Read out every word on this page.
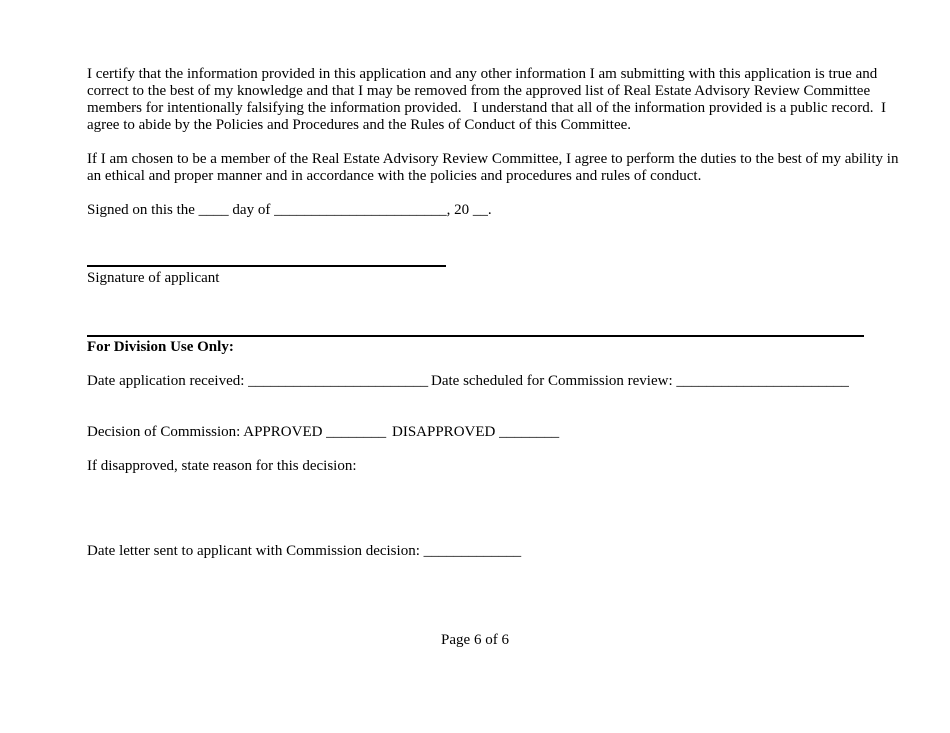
I certify that the information provided in this application and any other information I am submitting with this application is true and
correct to the best of my knowledge and that I may be removed from the approved list of Real Estate Advisory Review Committee
members for intentionally falsifying the information provided.   I understand that all of the information provided is a public record.  I
agree to abide by the Policies and Procedures and the Rules of Conduct of this Committee.
If I am chosen to be a member of the Real Estate Advisory Review Committee, I agree to perform the duties to the best of my ability in
an ethical and proper manner and in accordance with the policies and procedures and rules of conduct.

Signed on this the ____ day of _______________________, 20 __.

Signature of applicant

For Division Use Only:

Date application received: ________________________ Date scheduled for Commission review: _______________________

Decision of Commission: APPROVED ________ DISAPPROVED ________

If disapproved, state reason for this decision:

Date letter sent to applicant with Commission decision: _____________

Page 6 of 6
